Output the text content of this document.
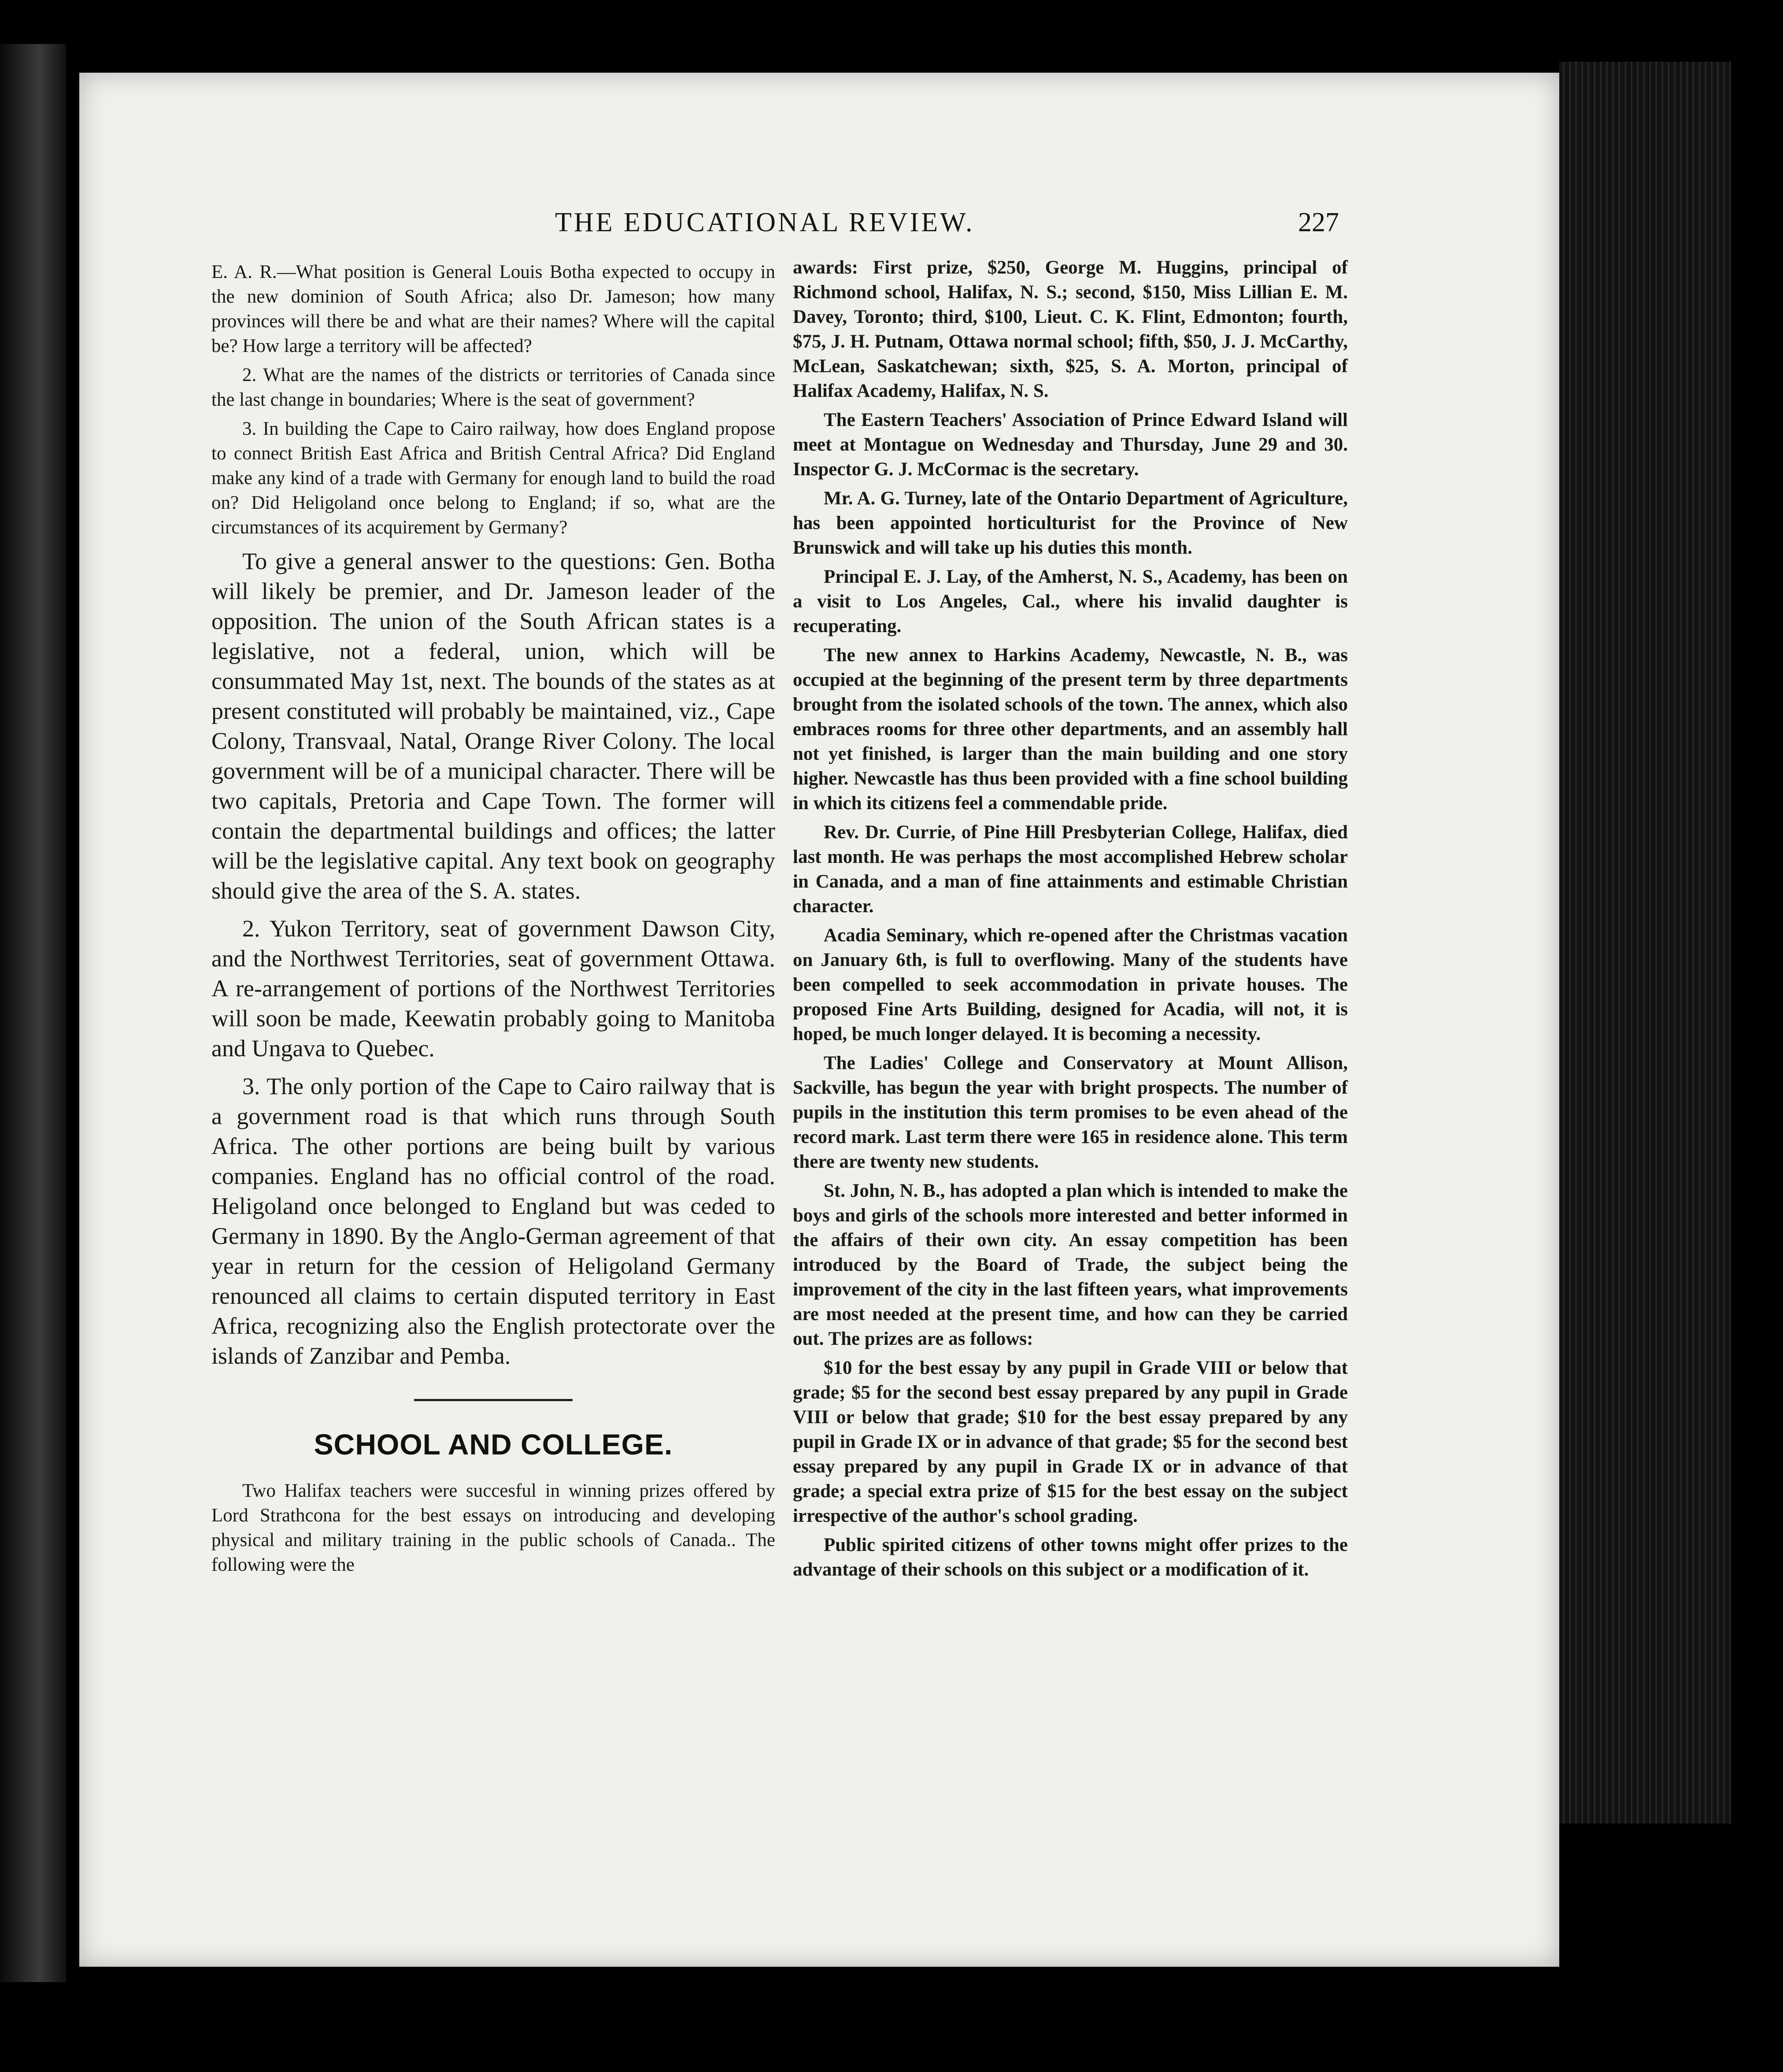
THE EDUCATIONAL REVIEW.	227

E. A. R.—What position is General Louis Botha expected to occupy in the new dominion of South Africa; also Dr. Jameson; how many provinces will there be and what are their names? Where will the capital be? How large a territory will be affected?

2. What are the names of the districts or territories of Canada since the last change in boundaries; Where is the seat of government?

3. In building the Cape to Cairo railway, how does England propose to connect British East Africa and British Central Africa? Did England make any kind of a trade with Germany for enough land to build the road on? Did Heligoland once belong to England; if so, what are the circumstances of its acquirement by Germany?

To give a general answer to the questions: Gen. Botha will likely be premier, and Dr. Jameson leader of the opposition. The union of the South African states is a legislative, not a federal, union, which will be consummated May 1st, next. The bounds of the states as at present constituted will probably be maintained, viz., Cape Colony, Transvaal, Natal, Orange River Colony. The local government will be of a municipal character. There will be two capitals, Pretoria and Cape Town. The former will contain the departmental buildings and offices; the latter will be the legislative capital. Any text book on geography should give the area of the S. A. states.

2. Yukon Territory, seat of government Dawson City, and the Northwest Territories, seat of government Ottawa. A re-arrangement of portions of the Northwest Territories will soon be made, Keewatin probably going to Manitoba and Ungava to Quebec.

3. The only portion of the Cape to Cairo railway that is a government road is that which runs through South Africa. The other portions are being built by various companies. England has no official control of the road. Heligoland once belonged to England but was ceded to Germany in 1890. By the Anglo-German agreement of that year in return for the cession of Heligoland Germany renounced all claims to certain disputed territory in East Africa, recognizing also the English protectorate over the islands of Zanzibar and Pemba.

SCHOOL AND COLLEGE.

Two Halifax teachers were succesful in winning prizes offered by Lord Strathcona for the best essays on introducing and developing physical and military training in the public schools of Canada.. The following were the

awards: First prize, $250, George M. Huggins, principal of Richmond school, Halifax, N. S.; second, $150, Miss Lillian E. M. Davey, Toronto; third, $100, Lieut. C. K. Flint, Edmonton; fourth, $75, J. H. Putnam, Ottawa normal school; fifth, $50, J. J. McCarthy, McLean, Saskatchewan; sixth, $25, S. A. Morton, principal of Halifax Academy, Halifax, N. S.

The Eastern Teachers' Association of Prince Edward Island will meet at Montague on Wednesday and Thursday, June 29 and 30. Inspector G. J. McCormac is the secretary.

Mr. A. G. Turney, late of the Ontario Department of Agriculture, has been appointed horticulturist for the Province of New Brunswick and will take up his duties this month.

Principal E. J. Lay, of the Amherst, N. S., Academy, has been on a visit to Los Angeles, Cal., where his invalid daughter is recuperating.

The new annex to Harkins Academy, Newcastle, N. B., was occupied at the beginning of the present term by three departments brought from the isolated schools of the town. The annex, which also embraces rooms for three other departments, and an assembly hall not yet finished, is larger than the main building and one story higher. Newcastle has thus been provided with a fine school building in which its citizens feel a commendable pride.

Rev. Dr. Currie, of Pine Hill Presbyterian College, Halifax, died last month. He was perhaps the most accomplished Hebrew scholar in Canada, and a man of fine attainments and estimable Christian character.

Acadia Seminary, which re-opened after the Christmas vacation on January 6th, is full to overflowing. Many of the students have been compelled to seek accommodation in private houses. The proposed Fine Arts Building, designed for Acadia, will not, it is hoped, be much longer delayed. It is becoming a necessity.

The Ladies' College and Conservatory at Mount Allison, Sackville, has begun the year with bright prospects. The number of pupils in the institution this term promises to be even ahead of the record mark. Last term there were 165 in residence alone. This term there are twenty new students.

St. John, N. B., has adopted a plan which is intended to make the boys and girls of the schools more interested and better informed in the affairs of their own city. An essay competition has been introduced by the Board of Trade, the subject being the improvement of the city in the last fifteen years, what improvements are most needed at the present time, and how can they be carried out. The prizes are as follows:

$10 for the best essay by any pupil in Grade VIII or below that grade; $5 for the second best essay prepared by any pupil in Grade VIII or below that grade; $10 for the best essay prepared by any pupil in Grade IX or in advance of that grade; $5 for the second best essay prepared by any pupil in Grade IX or in advance of that grade; a special extra prize of $15 for the best essay on the subject irrespective of the author's school grading.

Public spirited citizens of other towns might offer prizes to the advantage of their schools on this subject or a modification of it.
